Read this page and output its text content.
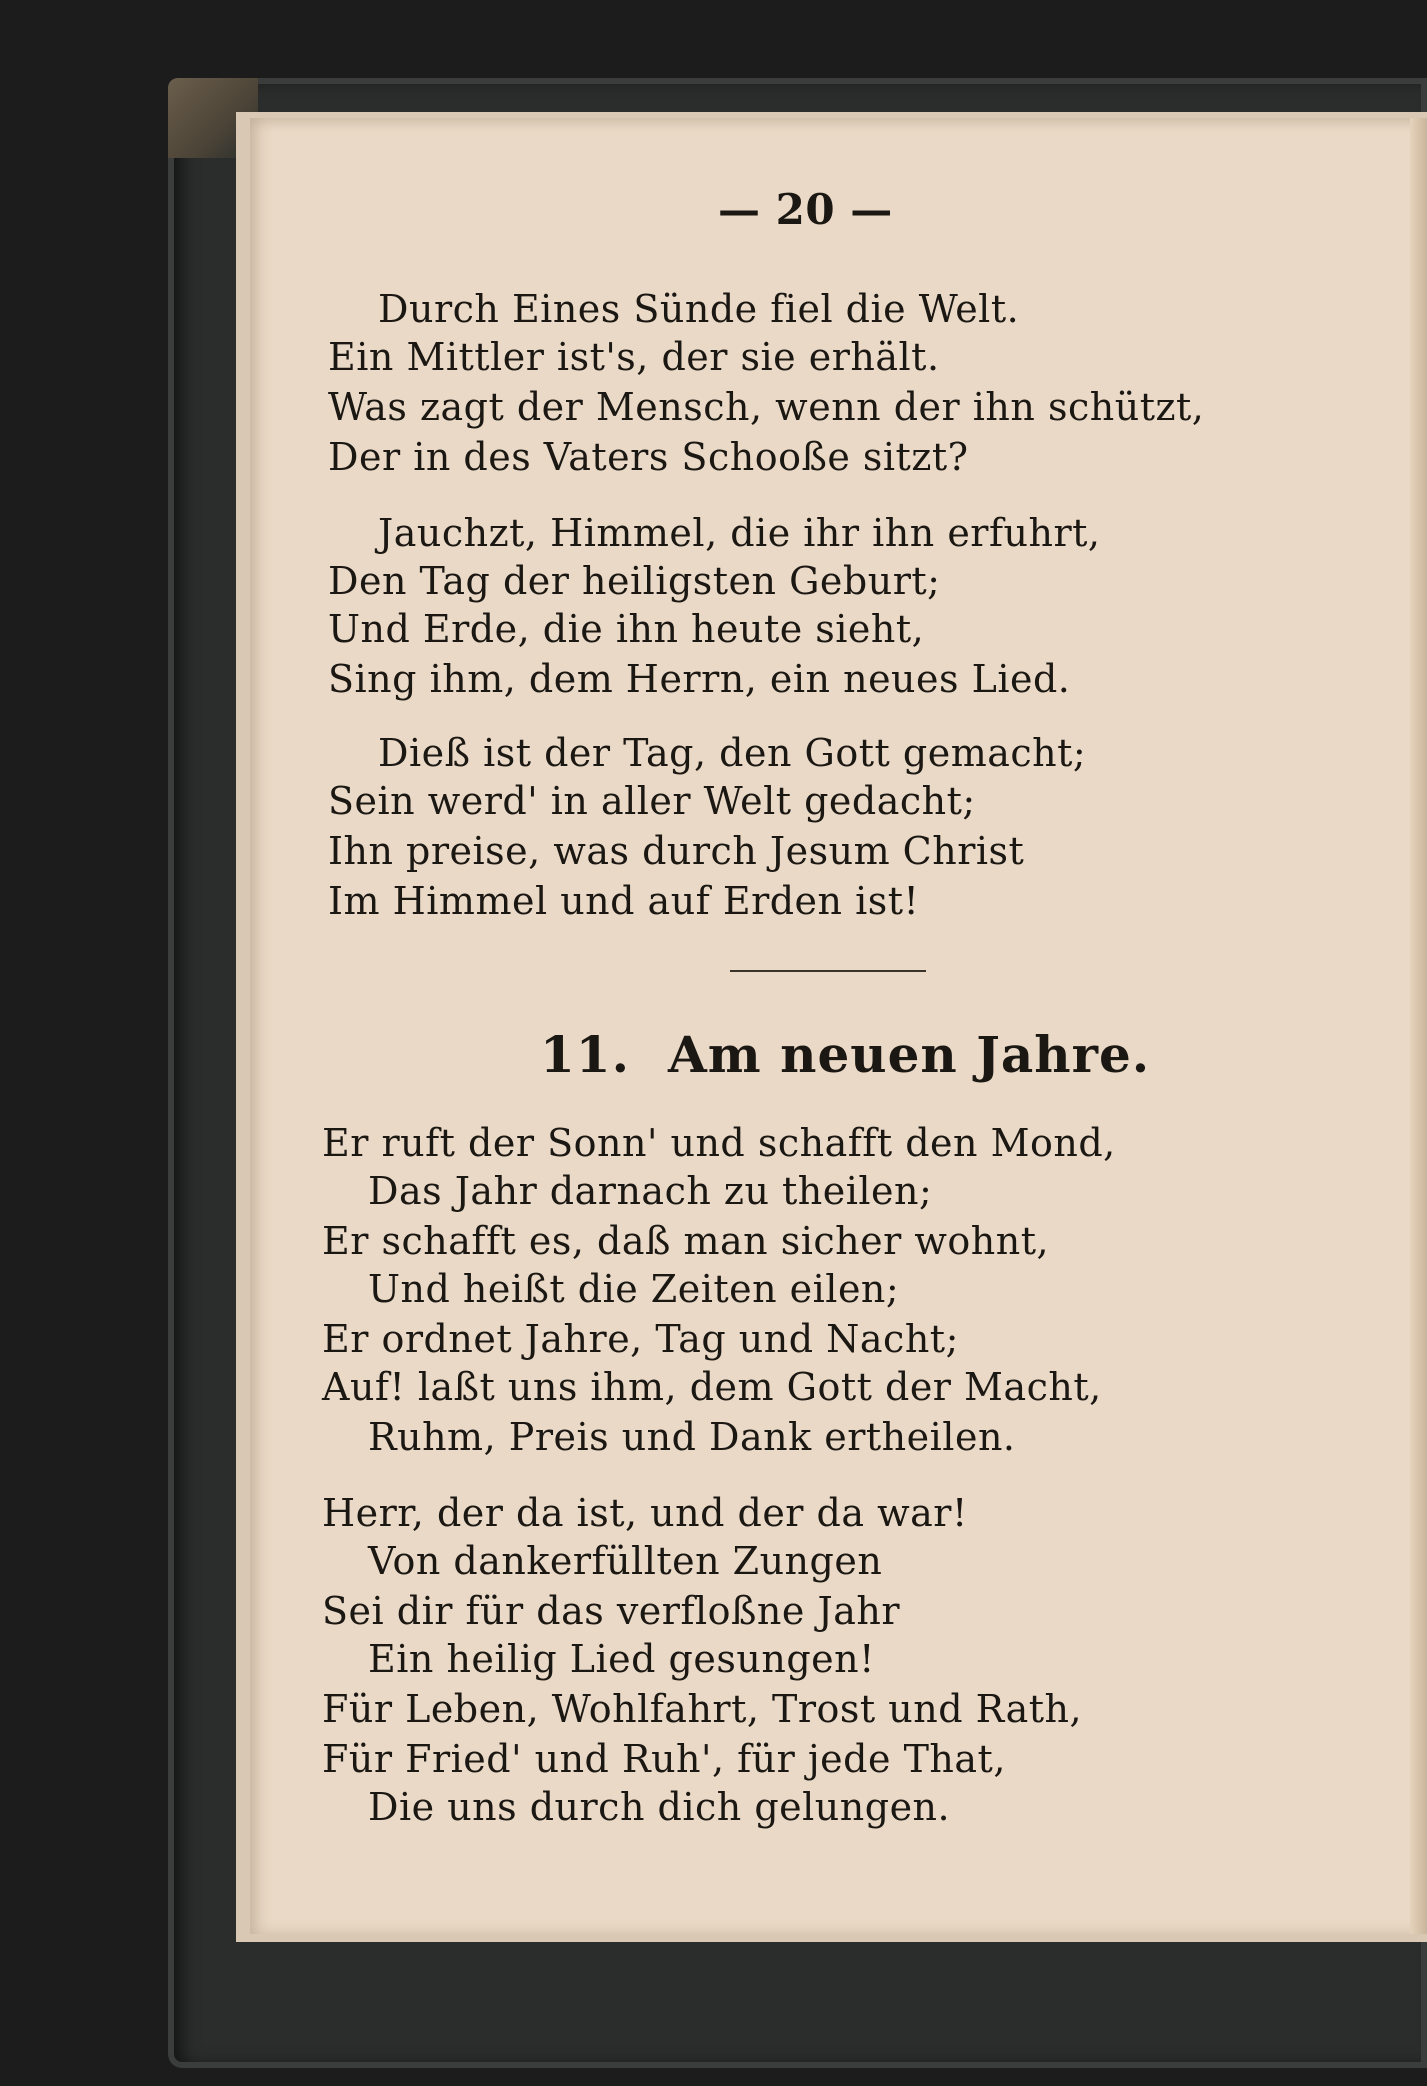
— 20 —
Durch Eines Sünde fiel die Welt.
Ein Mittler ist's, der sie erhält.
Was zagt der Mensch, wenn der ihn schützt,
Der in des Vaters Schooße sitzt?
Jauchzt, Himmel, die ihr ihn erfuhrt,
Den Tag der heiligsten Geburt;
Und Erde, die ihn heute sieht,
Sing ihm, dem Herrn, ein neues Lied.
Dieß ist der Tag, den Gott gemacht;
Sein werd' in aller Welt gedacht;
Ihn preise, was durch Jesum Christ
Im Himmel und auf Erden ist!
11. Am neuen Jahre.
Er ruft der Sonn' und schafft den Mond,
Das Jahr darnach zu theilen;
Er schafft es, daß man sicher wohnt,
Und heißt die Zeiten eilen;
Er ordnet Jahre, Tag und Nacht;
Auf! laßt uns ihm, dem Gott der Macht,
Ruhm, Preis und Dank ertheilen.
Herr, der da ist, und der da war!
Von dankerfüllten Zungen
Sei dir für das verfloßne Jahr
Ein heilig Lied gesungen!
Für Leben, Wohlfahrt, Trost und Rath,
Für Fried' und Ruh', für jede That,
Die uns durch dich gelungen.
